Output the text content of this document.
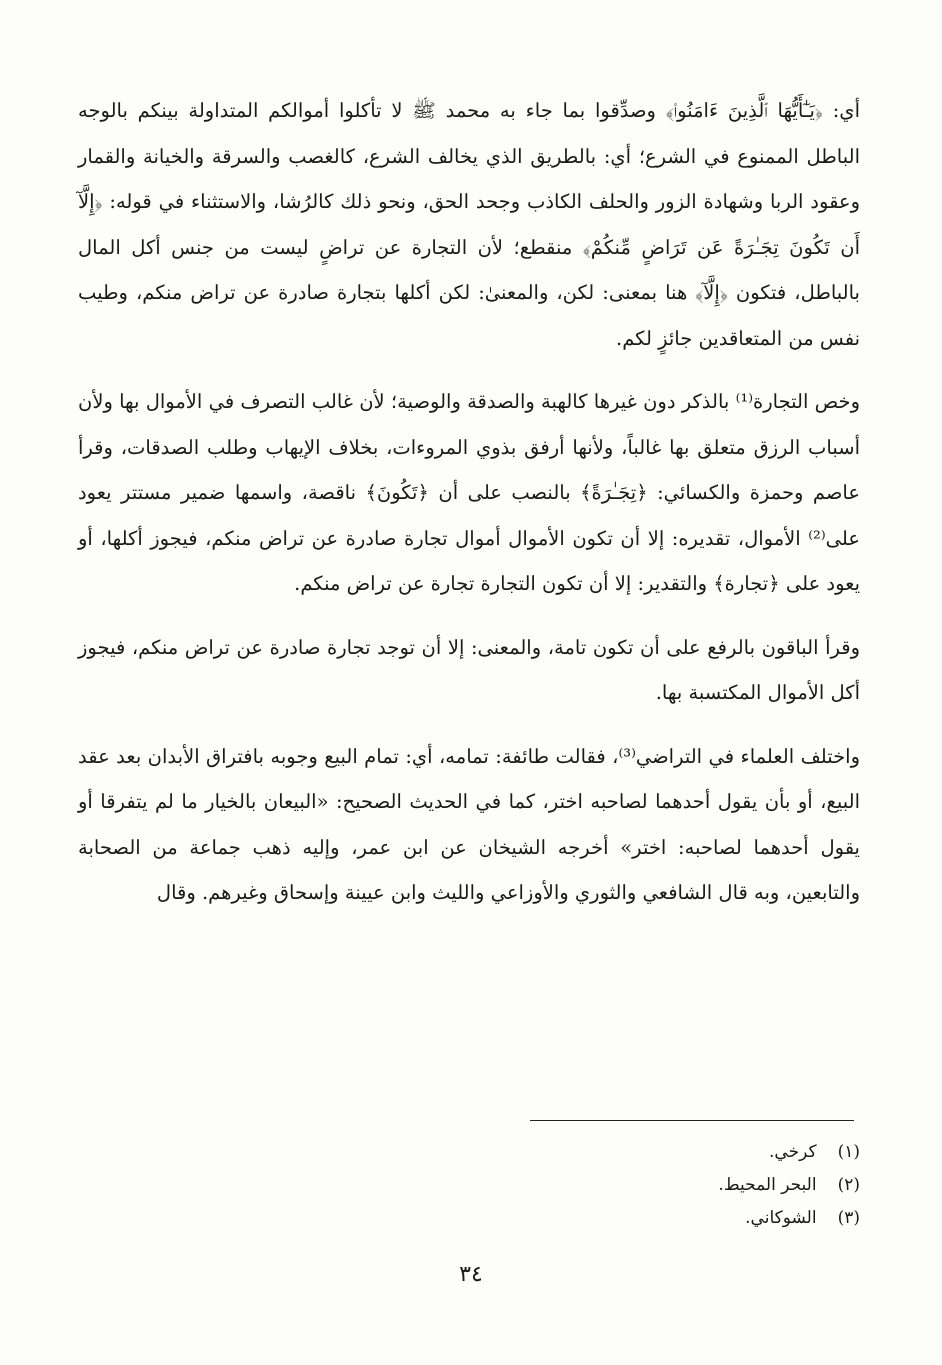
أي: ﴿يَـٰٓأَيُّهَا ٱلَّذِينَ ءَامَنُوا۟﴾ وصدِّقوا بما جاء به محمد ﷺ لا تأكلوا أموالكم المتداولة بينكم بالوجه الباطل الممنوع في الشرع؛ أي: بالطريق الذي يخالف الشرع، كالغصب والسرقة والخيانة والقمار وعقود الربا وشهادة الزور والحلف الكاذب وجحد الحق، ونحو ذلك كالرُشا، والاستثناء في قوله: ﴿إِلَّآ أَن تَكُونَ تِجَـٰرَةً عَن تَرَاضٍ مِّنكُمْ﴾ منقطع؛ لأن التجارة عن تراضٍ ليست من جنس أكل المال بالباطل، فتكون ﴿إِلَّآ﴾ هنا بمعنى: لكن، والمعنىٰ: لكن أكلها بتجارة صادرة عن تراض منكم، وطيب نفس من المتعاقدين جائزٍ لكم.

وخص التجارة⁽¹⁾ بالذكر دون غيرها كالهبة والصدقة والوصية؛ لأن غالب التصرف في الأموال بها ولأن أسباب الرزق متعلق بها غالباً، ولأنها أرفق بذوي المروءات، بخلاف الإيهاب وطلب الصدقات، وقرأ عاصم وحمزة والكسائي: ﴿تِجَـٰرَةً﴾ بالنصب على أن ﴿تَكُونَ﴾ ناقصة، واسمها ضمير مستتر يعود على⁽²⁾ الأموال، تقديره: إلا أن تكون الأموال أموال تجارة صادرة عن تراض منكم، فيجوز أكلها، أو يعود على ﴿تجارة﴾ والتقدير: إلا أن تكون التجارة تجارة عن تراض منكم.

وقرأ الباقون بالرفع على أن تكون تامة، والمعنى: إلا أن توجد تجارة صادرة عن تراض منكم، فيجوز أكل الأموال المكتسبة بها.

واختلف العلماء في التراضي⁽³⁾، فقالت طائفة: تمامه، أي: تمام البيع وجوبه بافتراق الأبدان بعد عقد البيع، أو بأن يقول أحدهما لصاحبه اختر، كما في الحديث الصحيح: «البيعان بالخيار ما لم يتفرقا أو يقول أحدهما لصاحبه: اختر» أخرجه الشيخان عن ابن عمر، وإليه ذهب جماعة من الصحابة والتابعين، وبه قال الشافعي والثوري والأوزاعي والليث وابن عيينة وإسحاق وغيرهم. وقال

(١) كرخي.
(٢) البحر المحيط.
(٣) الشوكاني.
٣٤
